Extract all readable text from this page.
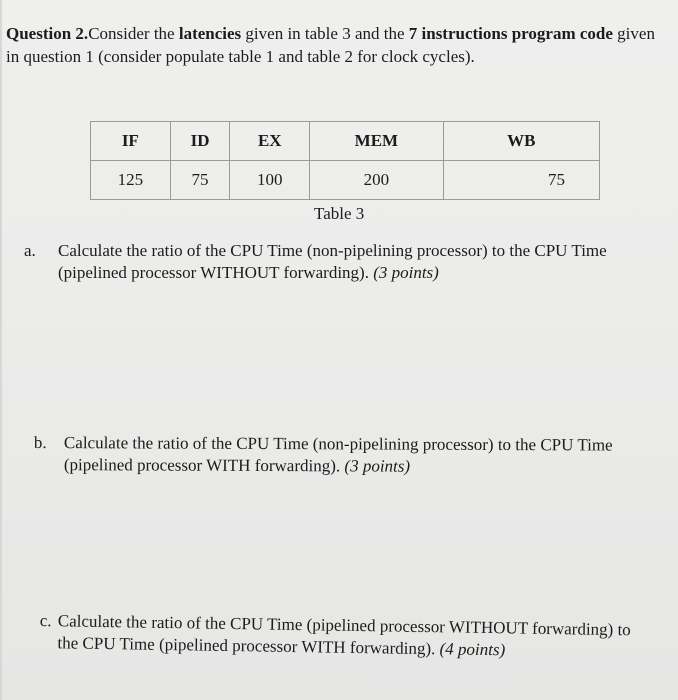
Question 2.Consider the latencies given in table 3 and the 7 instructions program code given in question 1 (consider populate table 1 and table 2 for clock cycles).
IF	ID	EX	MEM	WB
125	75	100	200	75
Table 3
a. Calculate the ratio of the CPU Time (non-pipelining processor) to the CPU Time (pipelined processor WITHOUT forwarding). (3 points)
b. Calculate the ratio of the CPU Time (non-pipelining processor) to the CPU Time (pipelined processor WITH forwarding). (3 points)
c. Calculate the ratio of the CPU Time (pipelined processor WITHOUT forwarding) to the CPU Time (pipelined processor WITH forwarding). (4 points)
